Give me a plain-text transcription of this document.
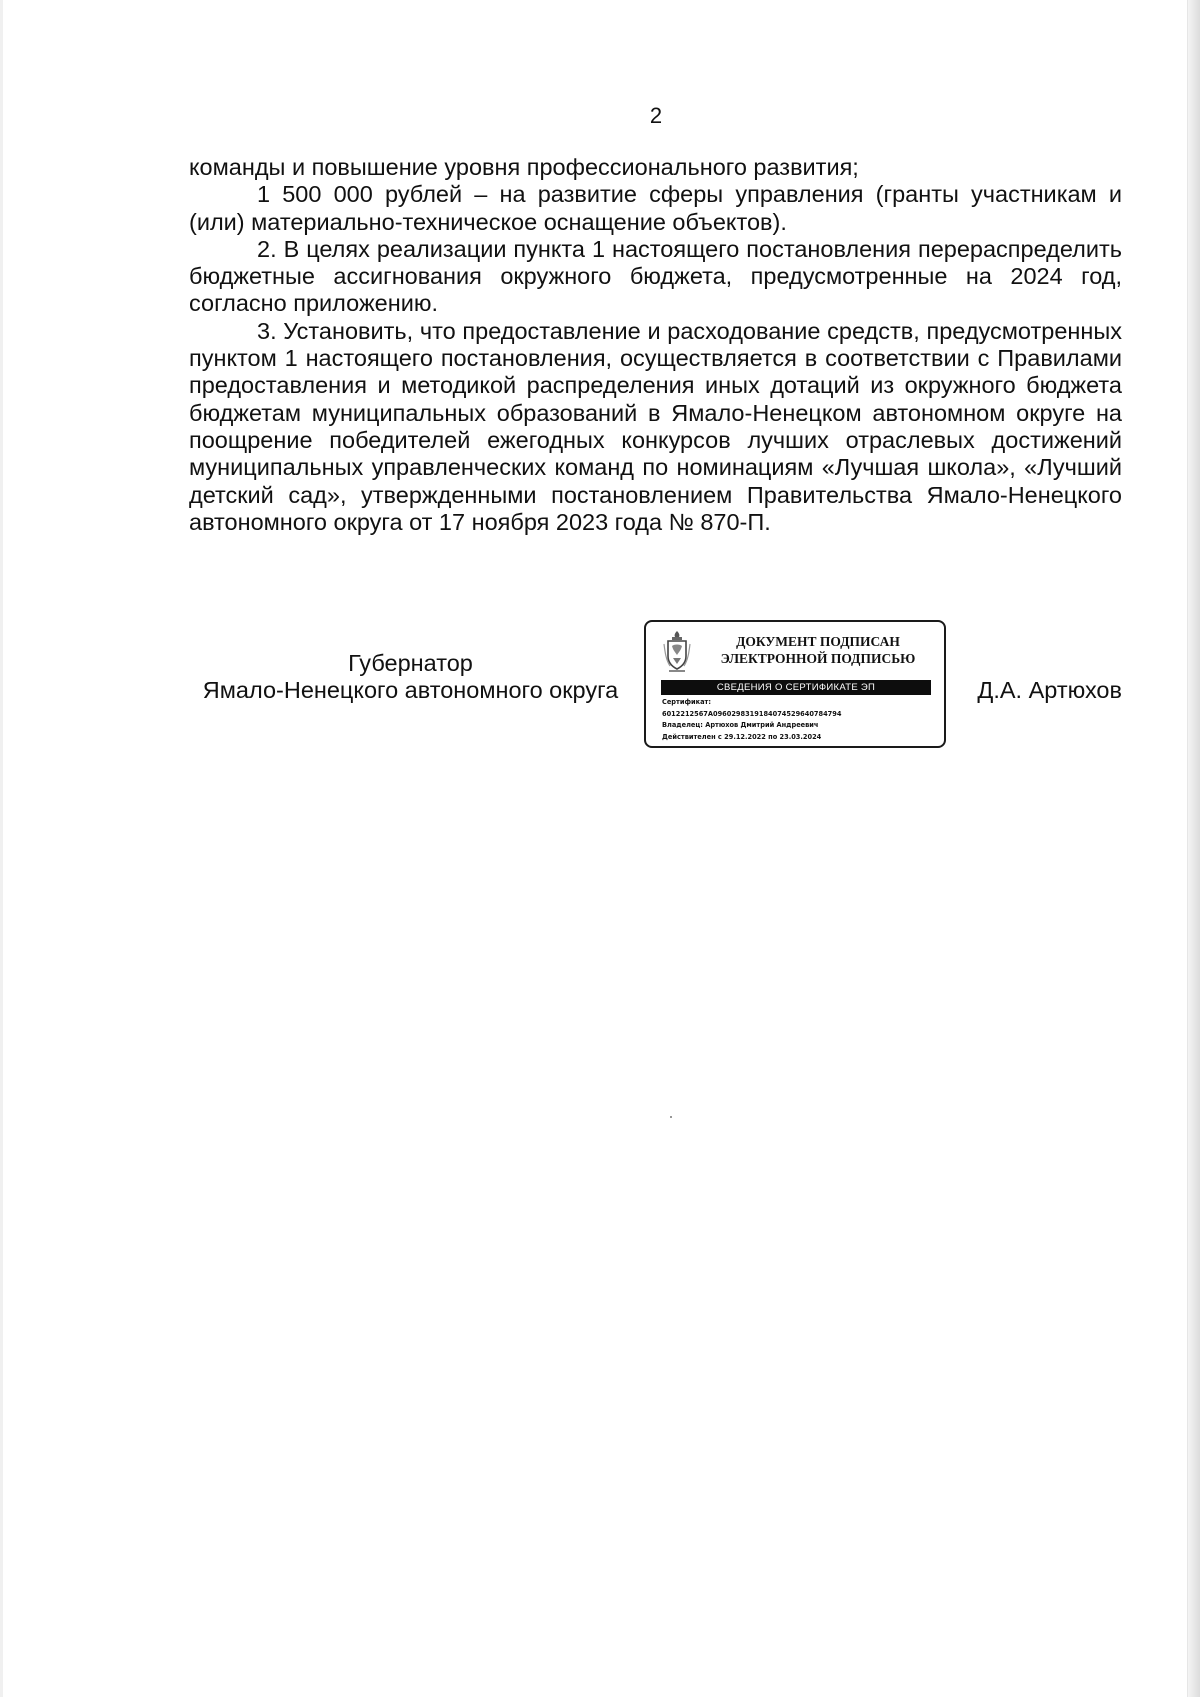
2

команды и повышение уровня профессионального развития;

1 500 000 рублей – на развитие сферы управления (гранты участникам и (или) материально-техническое оснащение объектов).

2. В целях реализации пункта 1 настоящего постановления перераспределить бюджетные ассигнования окружного бюджета, предусмотренные на 2024 год, согласно приложению.

3. Установить, что предоставление и расходование средств, предусмотренных пунктом 1 настоящего постановления, осуществляется в соответствии с Правилами предоставления и методикой распределения иных дотаций из окружного бюджета бюджетам муниципальных образований в Ямало-Ненецком автономном округе на поощрение победителей ежегодных конкурсов лучших отраслевых достижений муниципальных управленческих команд по номинациям «Лучшая школа», «Лучший детский сад», утвержденными постановлением Правительства Ямало-Ненецкого автономного округа от 17 ноября 2023 года № 870-П.

Губернатор
Ямало-Ненецкого автономного округа
ДОКУМЕНТ ПОДПИСАН
ЭЛЕКТРОННОЙ ПОДПИСЬЮ
СВЕДЕНИЯ О СЕРТИФИКАТЕ ЭП
Сертификат:
6012212567A0960298319184074529640784794
Владелец: Артюхов Дмитрий Андреевич
Действителен с 29.12.2022 по 23.03.2024
Д.А. Артюхов
